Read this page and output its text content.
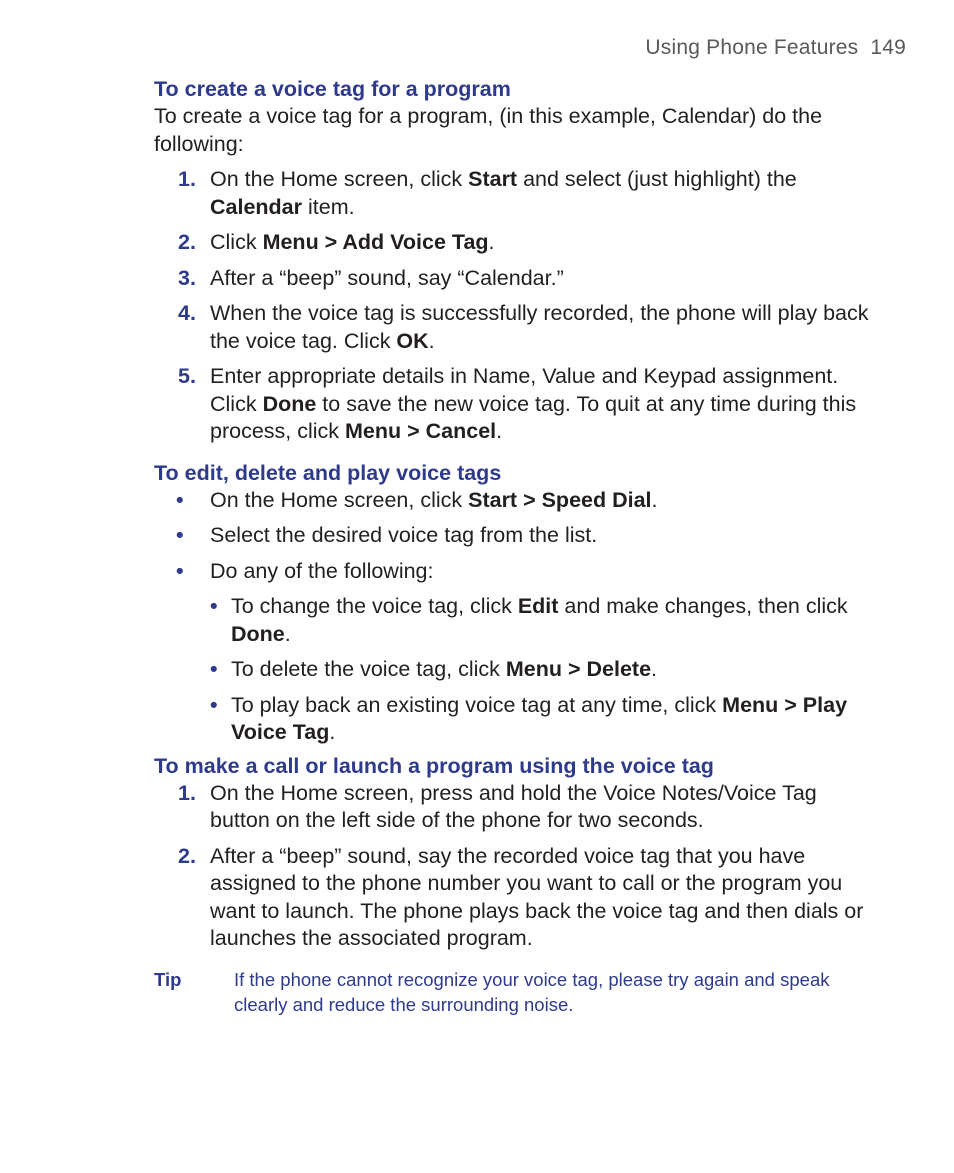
Using Phone Features 149
To create a voice tag for a program

To create a voice tag for a program, (in this example, Calendar) do the following:

1. On the Home screen, click Start and select (just highlight) the Calendar item.
2. Click Menu > Add Voice Tag.
3. After a “beep” sound, say “Calendar.”
4. When the voice tag is successfully recorded, the phone will play back the voice tag. Click OK.
5. Enter appropriate details in Name, Value and Keypad assignment. Click Done to save the new voice tag. To quit at any time during this process, click Menu > Cancel.
To edit, delete and play voice tags
• On the Home screen, click Start > Speed Dial.
• Select the desired voice tag from the list.
• Do any of the following:
• To change the voice tag, click Edit and make changes, then click Done.
• To delete the voice tag, click Menu > Delete.
• To play back an existing voice tag at any time, click Menu > Play Voice Tag.
To make a call or launch a program using the voice tag
1. On the Home screen, press and hold the Voice Notes/Voice Tag button on the left side of the phone for two seconds.
2. After a “beep” sound, say the recorded voice tag that you have assigned to the phone number you want to call or the program you want to launch. The phone plays back the voice tag and then dials or launches the associated program.
Tip	If the phone cannot recognize your voice tag, please try again and speak clearly and reduce the surrounding noise.
